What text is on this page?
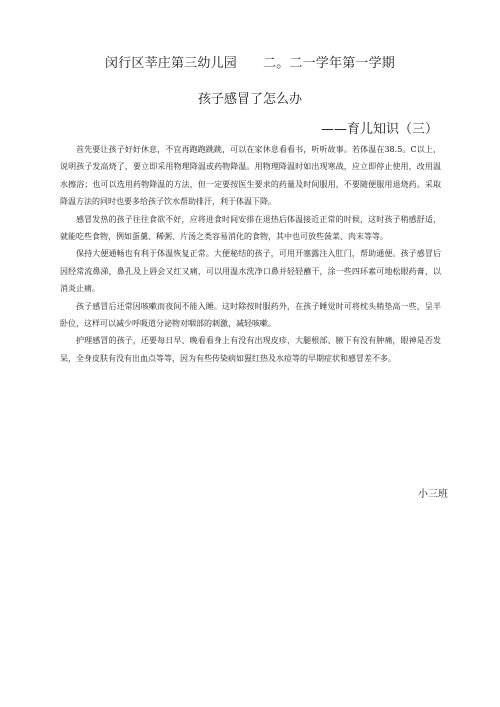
闵行区莘庄第三幼儿园 二。二一学年第一学期
孩子感冒了怎么办
——育儿知识（三）

首先要让孩子好好休息，不宜再跑跑跳跳，可以在家休息看看书，听听故事。若体温在38.5。C以上，说明孩子发高烧了，要立即采用物理降温或药物降温。用物理降温时如出现寒战，应立即停止使用，改用温水擦浴；也可以选用药物降温的方法，但一定要按医生要求的药量及时间服用，不要随便服用退烧药。采取降温方法的同时也要多给孩子饮水帮助排汗，利于体温下降。

感冒发热的孩子往往食欲不好，应将进食时间安排在退热后体温接近正常的时候，这时孩子稍感舒适，就能吃些食物，例如蛋羹、稀粥、片汤之类容易消化的食物，其中也可放些菠菜、肉末等等。

保持大便通畅也有利于体温恢复正常。大便秘结的孩子，可用开塞露注入肛门，帮助通便。孩子感冒后因经常流鼻涕，鼻孔及上唇会又红又痛，可以用温水洗净口鼻并轻轻蘸干，涂一些四环素可地松眼药膏，以消炎止痛。

孩子感冒后还常因咳嗽而夜间不能入睡。这时除按时服药外，在孩子睡觉时可将枕头稍垫高一些，呈半卧位，这样可以减少呼吸道分泌物对咽部的刺激，减轻咳嗽。

护理感冒的孩子，还要每日早、晚看看身上有没有出现皮疹，大腿根部、腋下有没有肿痛，眼神是否发呆，全身皮肤有没有出血点等等，因为有些传染病如猩红热及水痘等的早期症状和感冒差不多。

小三班
